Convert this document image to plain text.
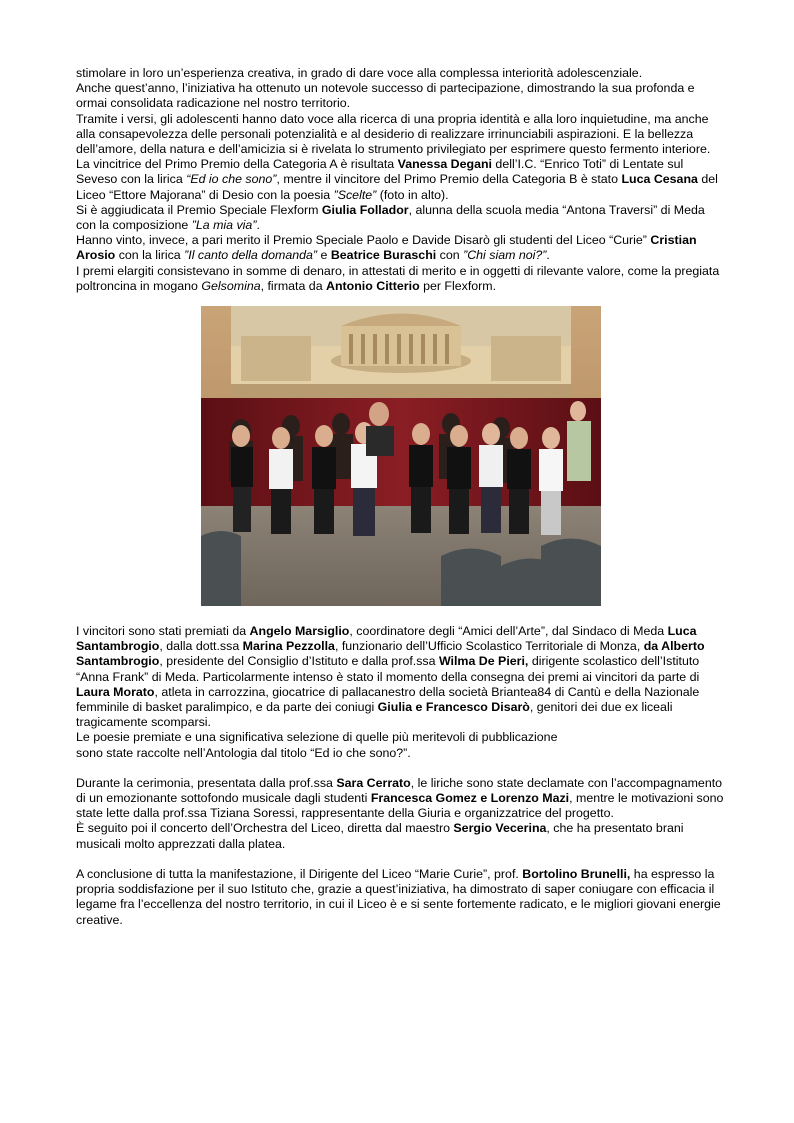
stimolare in loro un’esperienza creativa, in grado di dare voce alla complessa interiorità adolescenziale.

Anche quest’anno, l’iniziativa ha ottenuto un notevole successo di partecipazione, dimostrando la sua profonda e ormai consolidata radicazione nel nostro territorio.

Tramite i versi, gli adolescenti hanno dato voce alla ricerca di una propria identità e alla loro inquietudine, ma anche alla consapevolezza delle personali potenzialità e al desiderio di realizzare irrinunciabili aspirazioni. E la bellezza dell’amore, della natura e dell’amicizia si è rivelata lo strumento privilegiato per esprimere questo fermento interiore.

La vincitrice del Primo Premio della Categoria A è risultata Vanessa Degani dell’I.C. “Enrico Toti” di Lentate sul Seveso con la lirica “Ed io che sono”, mentre il vincitore del Primo Premio della Categoria B è stato Luca Cesana del Liceo “Ettore Majorana” di Desio con la poesia ”Scelte” (foto in alto).

Si è aggiudicata il Premio Speciale Flexform Giulia Follador, alunna della scuola media “Antona Traversi” di Meda con la composizione ”La mia via”.

Hanno vinto, invece, a pari merito il Premio Speciale Paolo e Davide Disarò gli studenti del Liceo “Curie” Cristian Arosio con la lirica ”Il canto della domanda” e Beatrice Buraschi con ”Chi siam noi?”.

I premi elargiti consistevano in somme di denaro, in attestati di merito e in oggetti di rilevante valore, come la pregiata poltroncina in mogano Gelsomina, firmata da Antonio Citterio per Flexform.

I vincitori sono stati premiati da Angelo Marsiglio, coordinatore degli “Amici dell’Arte”, dal Sindaco di Meda Luca Santambrogio, dalla dott.ssa Marina Pezzolla, funzionario dell’Ufficio Scolastico Territoriale di Monza, da Alberto Santambrogio, presidente del Consiglio d’Istituto e dalla prof.ssa Wilma De Pieri, dirigente scolastico dell’Istituto “Anna Frank” di Meda. Particolarmente intenso è stato il momento della consegna dei premi ai vincitori da parte di Laura Morato, atleta in carrozzina, giocatrice di pallacanestro della società Briantea84 di Cantù e della Nazionale femminile di basket paralimpico, e da parte dei coniugi Giulia e Francesco Disarò, genitori dei due ex liceali tragicamente scomparsi.

Le poesie premiate e una significativa selezione di quelle più meritevoli di pubblicazione

sono state raccolte nell’Antologia dal titolo “Ed io che sono?”.

Durante la cerimonia, presentata dalla prof.ssa Sara Cerrato, le liriche sono state declamate con l’accompagnamento di un emozionante sottofondo musicale dagli studenti Francesca Gomez e Lorenzo Mazi, mentre le motivazioni sono state lette dalla prof.ssa Tiziana Soressi, rappresentante della Giuria e organizzatrice del progetto.

È seguito poi il concerto dell’Orchestra del Liceo, diretta dal maestro Sergio Vecerina, che ha presentato brani musicali molto apprezzati dalla platea.

A conclusione di tutta la manifestazione, il Dirigente del Liceo “Marie Curie”, prof. Bortolino Brunelli, ha espresso la propria soddisfazione per il suo Istituto che, grazie a quest’iniziativa, ha dimostrato di saper coniugare con efficacia il legame fra l’eccellenza del nostro territorio, in cui il Liceo è e si sente fortemente radicato, e le migliori giovani energie creative.
